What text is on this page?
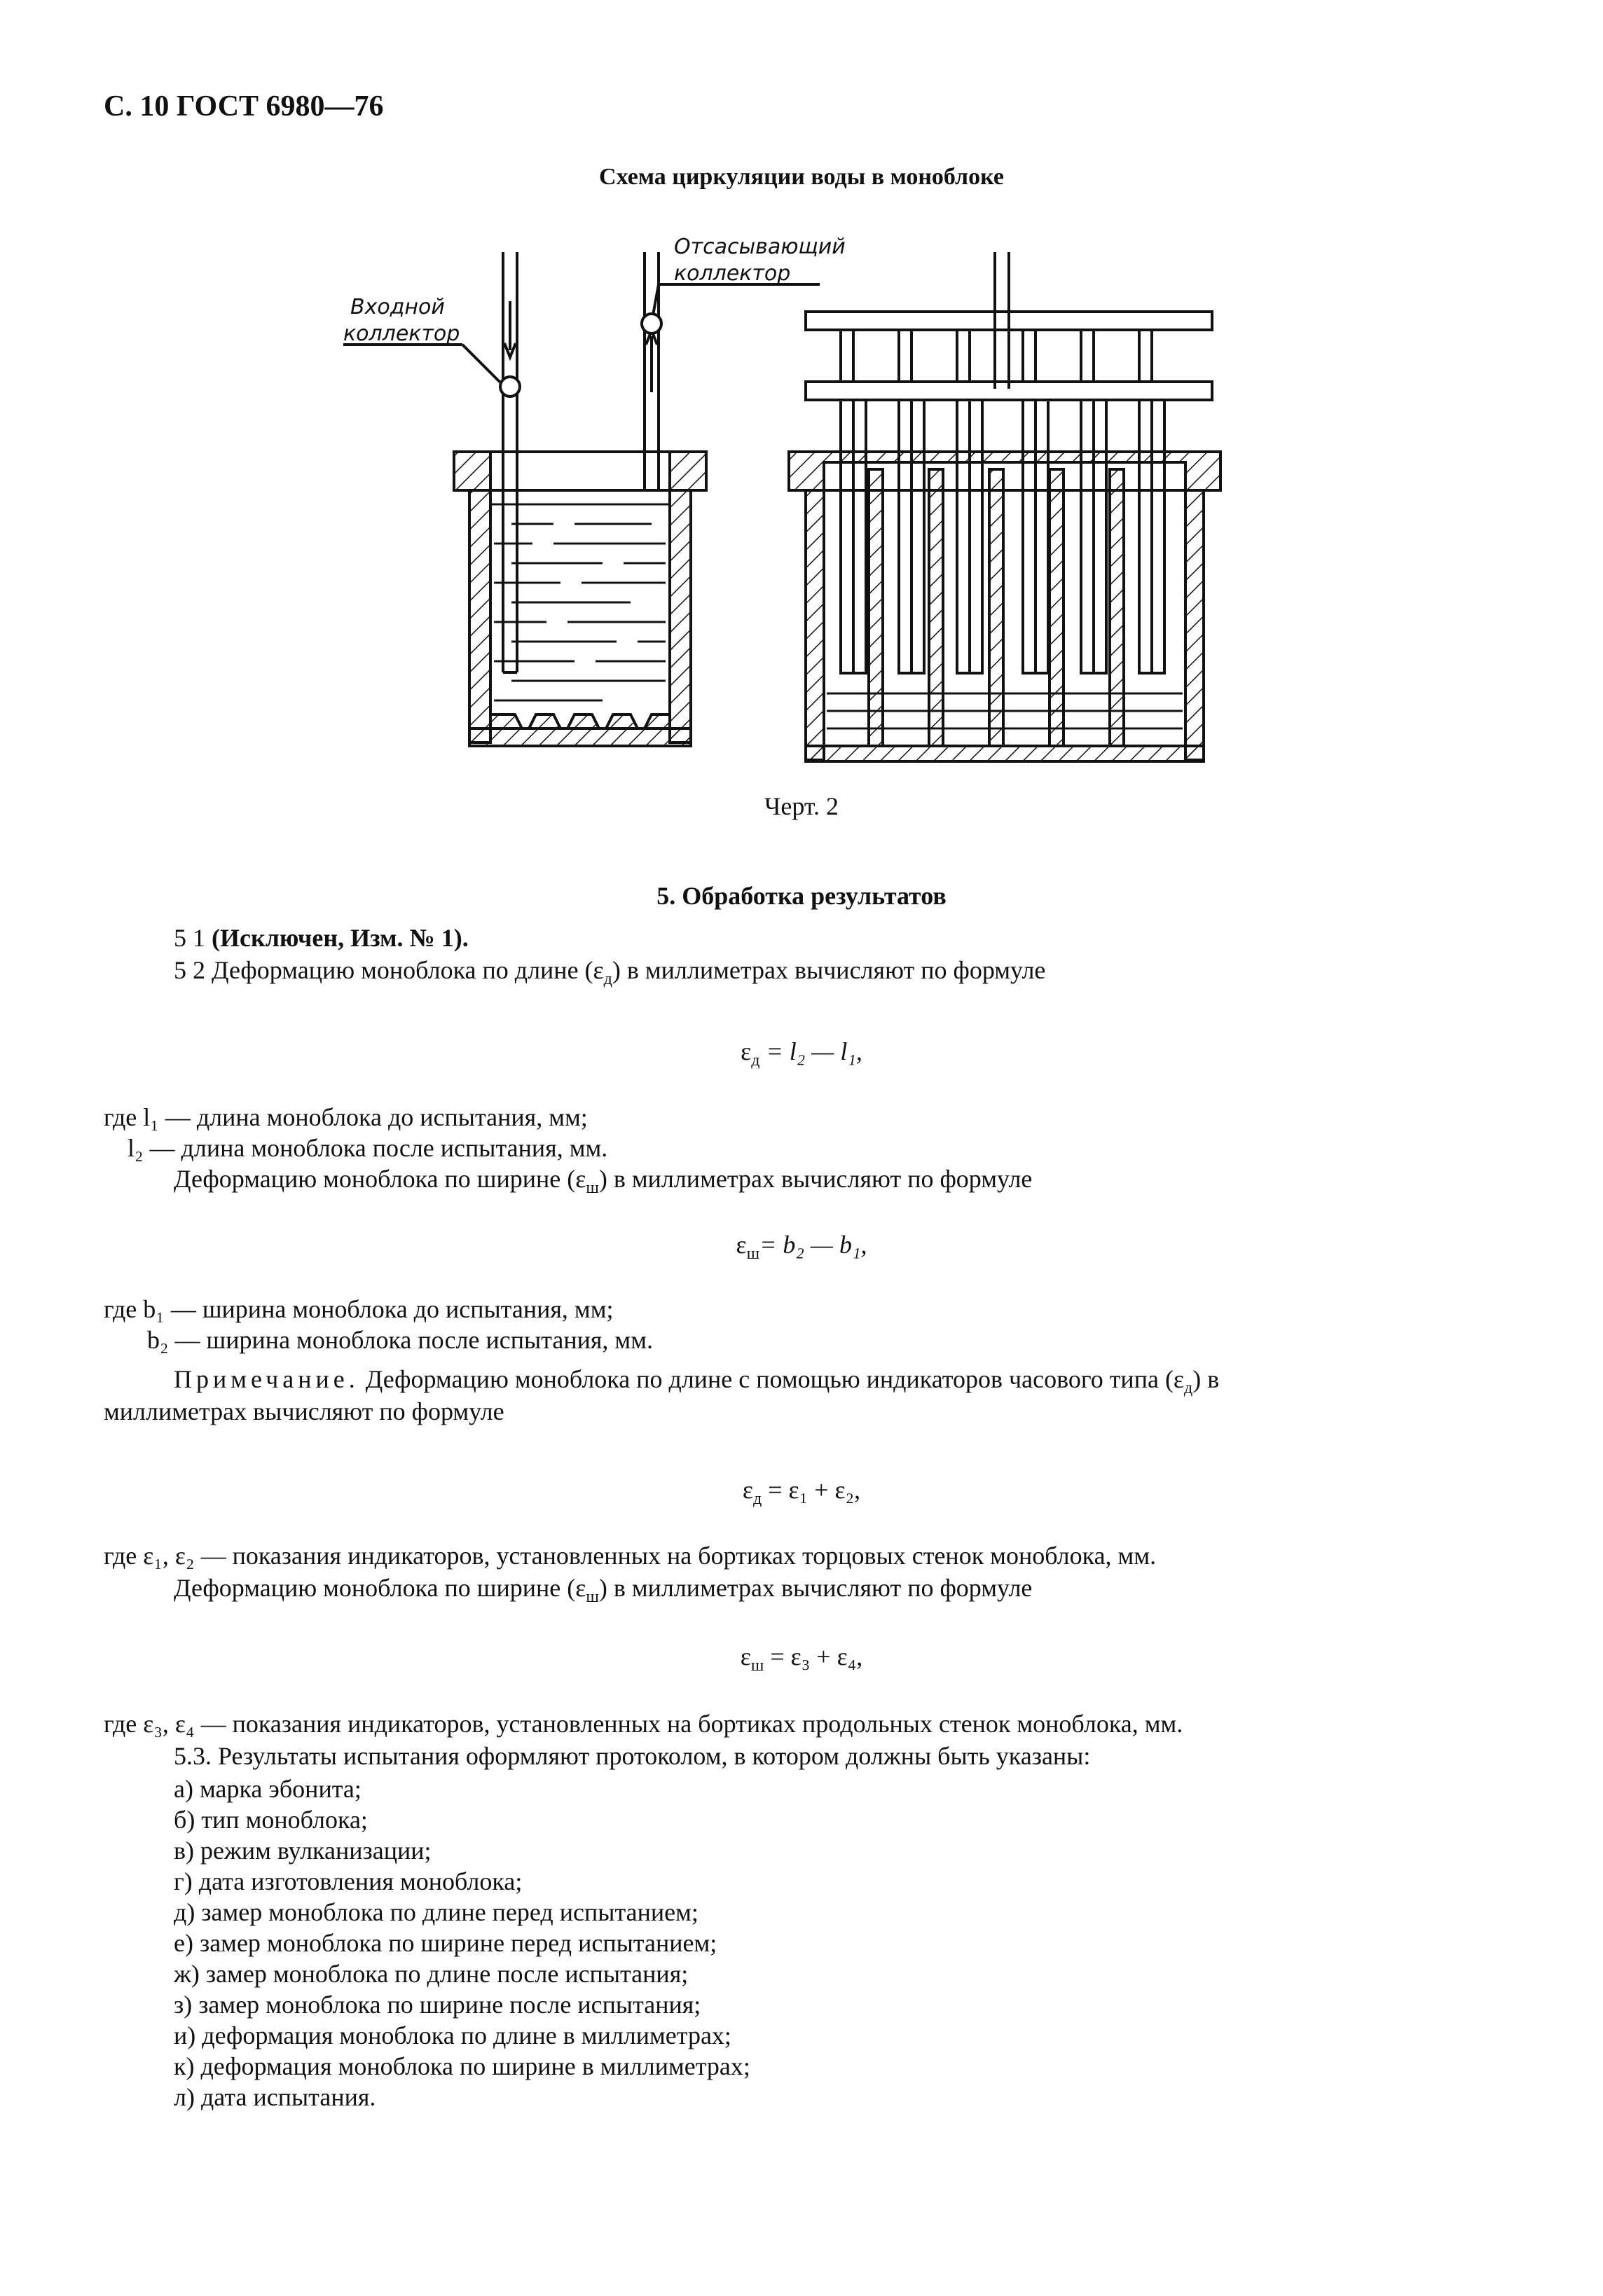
С. 10 ГОСТ 6980—76
Схема циркуляции воды в моноблоке
Входной
коллектор
Отсасывающий
коллектор
Черт. 2
5. Обработка результатов
5 1 (Исключен, Изм. № 1).
5 2 Деформацию моноблока по длине $(\varepsilon_д)$ в миллиметрах вычисляют по формуле
$\varepsilon_д = l_2$ — l₁,
где l₁ — длина моноблока до испытания, мм;
l₂ — длина моноблока после испытания, мм.
Деформацию моноблока по ширине $(\varepsilon_ш)$ в миллиметрах вычисляют по формуле
$\varepsilon_ш= b_2$ — b₁,
где b₁ — ширина моноблока до испытания, мм;
b₂ — ширина моноблока после испытания, мм.
Примечание. Деформацию моноблока по длине с помощью индикаторов часового типа $(\varepsilon_д)$ в
миллиметрах вычисляют по формуле
$\varepsilon_д = \varepsilon_1 + \varepsilon_2$,
где ε₁, ε₂ — показания индикаторов, установленных на бортиках торцовых стенок моноблока, мм.
Деформацию моноблока по ширине $(\varepsilon_ш)$ в миллиметрах вычисляют по формуле
$\varepsilon_ш = \varepsilon_3 + \varepsilon_4$,
где ε₃, ε₄ — показания индикаторов, установленных на бортиках продольных стенок моноблока, мм.
5.3. Результаты испытания оформляют протоколом, в котором должны быть указаны:
а) марка эбонита;
б) тип моноблока;
в) режим вулканизации;
г) дата изготовления моноблока;
д) замер моноблока по длине перед испытанием;
е) замер моноблока по ширине перед испытанием;
ж) замер моноблока по длине после испытания;
з) замер моноблока по ширине после испытания;
и) деформация моноблока по длине в миллиметрах;
к) деформация моноблока по ширине в миллиметрах;
л) дата испытания.
